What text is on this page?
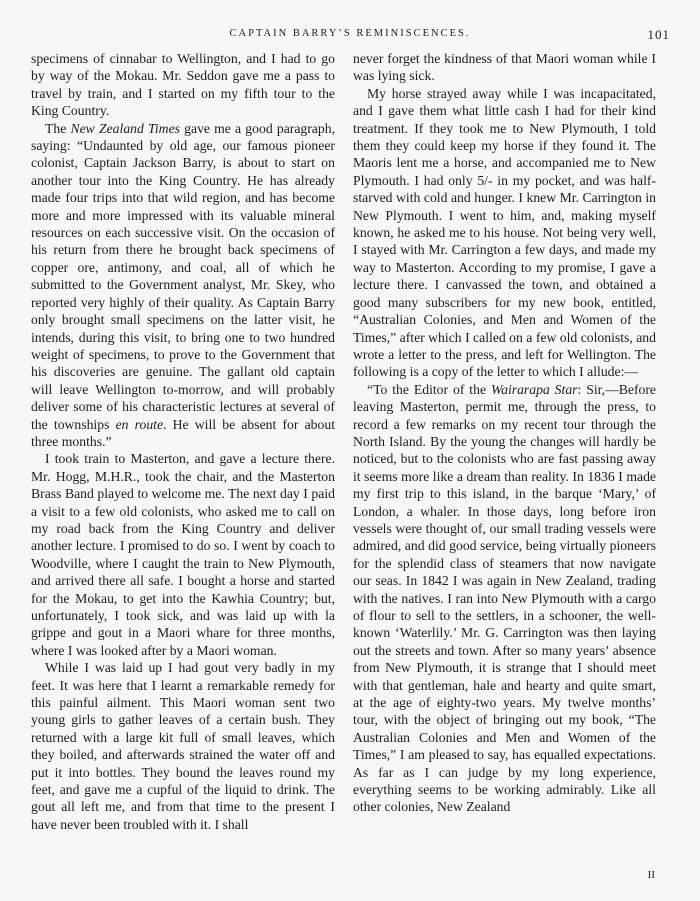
CAPTAIN BARRY’S REMINISCENCES.	101

specimens of cinnabar to Wellington, and I had to go by way of the Mokau. Mr. Seddon gave me a pass to travel by train, and I started on my fifth tour to the King Country.

The New Zealand Times gave me a good paragraph, saying: “Undaunted by old age, our famous pioneer colonist, Captain Jackson Barry, is about to start on another tour into the King Country. He has already made four trips into that wild region, and has become more and more impressed with its valuable mineral resources on each successive visit. On the occasion of his return from there he brought back specimens of copper ore, antimony, and coal, all of which he submitted to the Government analyst, Mr. Skey, who reported very highly of their quality. As Captain Barry only brought small specimens on the latter visit, he intends, during this visit, to bring one to two hundred weight of specimens, to prove to the Government that his discoveries are genuine. The gallant old captain will leave Wellington to-morrow, and will probably deliver some of his characteristic lectures at several of the townships en route. He will be absent for about three months.”

I took train to Masterton, and gave a lecture there. Mr. Hogg, M.H.R., took the chair, and the Masterton Brass Band played to welcome me. The next day I paid a visit to a few old colonists, who asked me to call on my road back from the King Country and deliver another lecture. I promised to do so. I went by coach to Woodville, where I caught the train to New Plymouth, and arrived there all safe. I bought a horse and started for the Mokau, to get into the Kawhia Country; but, unfortunately, I took sick, and was laid up with la grippe and gout in a Maori whare for three months, where I was looked after by a Maori woman.

While I was laid up I had gout very badly in my feet. It was here that I learnt a remarkable remedy for this painful ailment. This Maori woman sent two young girls to gather leaves of a certain bush. They returned with a large kit full of small leaves, which they boiled, and afterwards strained the water off and put it into bottles. They bound the leaves round my feet, and gave me a cupful of the liquid to drink. The gout all left me, and from that time to the present I have never been troubled with it. I shall

never forget the kindness of that Maori woman while I was lying sick.

My horse strayed away while I was incapacitated, and I gave them what little cash I had for their kind treatment. If they took me to New Plymouth, I told them they could keep my horse if they found it. The Maoris lent me a horse, and accompanied me to New Plymouth. I had only 5/- in my pocket, and was half-starved with cold and hunger. I knew Mr. Carrington in New Plymouth. I went to him, and, making myself known, he asked me to his house. Not being very well, I stayed with Mr. Carrington a few days, and made my way to Masterton. According to my promise, I gave a lecture there. I canvassed the town, and obtained a good many subscribers for my new book, entitled, “Australian Colonies, and Men and Women of the Times,” after which I called on a few old colonists, and wrote a letter to the press, and left for Wellington. The following is a copy of the letter to which I allude:—

“To the Editor of the Wairarapa Star: Sir,—Before leaving Masterton, permit me, through the press, to record a few remarks on my recent tour through the North Island. By the young the changes will hardly be noticed, but to the colonists who are fast passing away it seems more like a dream than reality. In 1836 I made my first trip to this island, in the barque ‘Mary,’ of London, a whaler. In those days, long before iron vessels were thought of, our small trading vessels were admired, and did good service, being virtually pioneers for the splendid class of steamers that now navigate our seas. In 1842 I was again in New Zealand, trading with the natives. I ran into New Plymouth with a cargo of flour to sell to the settlers, in a schooner, the well-known ‘Waterlily.’ Mr. G. Carrington was then laying out the streets and town. After so many years’ absence from New Plymouth, it is strange that I should meet with that gentleman, hale and hearty and quite smart, at the age of eighty-two years. My twelve months’ tour, with the object of bringing out my book, “The Australian Colonies and Men and Women of the Times,” I am pleased to say, has equalled expectations. As far as I can judge by my long experience, everything seems to be working admirably. Like all other colonies, New Zealand

II
